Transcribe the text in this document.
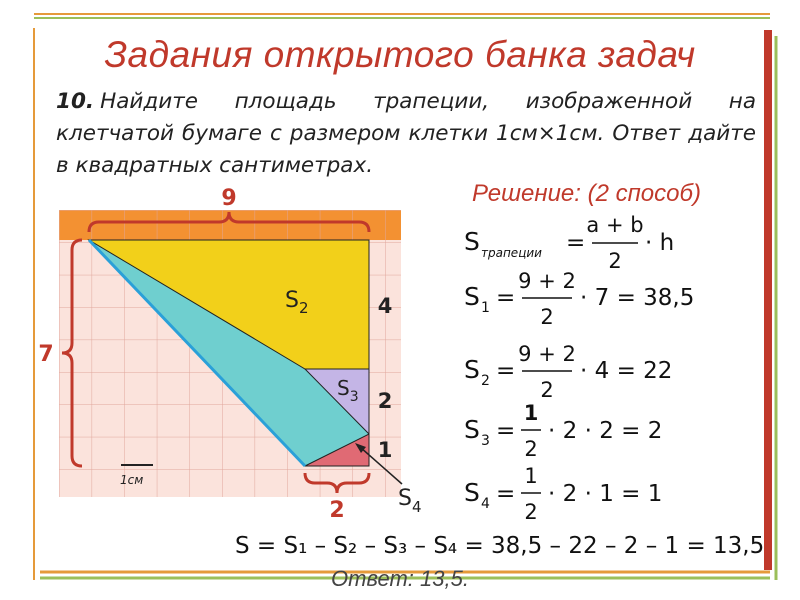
Задания открытого банка задач
10. Найдите площадь трапеции, изображенной на клетчатой бумаге с размером клетки 1см×1см. Ответ дайте в квадратных сантиметрах.
Решение: (2 способ)
9
7
2
4
2
1
$S_2$
$S_3$
$S_4$
1см
S трапеции =
a + b
2
· h
S 1 =
9 + 2
2
· 7 = 38,5
S 2 =
9 + 2
2
· 4 = 22
S 3 =
1
2
· 2 · 2 = 2
S 4 =
1
2
· 2 · 1 = 1
S = S₁ – S₂ – S₃ – S₄ = 38,5 – 22 – 2 – 1 = 13,5
Ответ: 13,5.
